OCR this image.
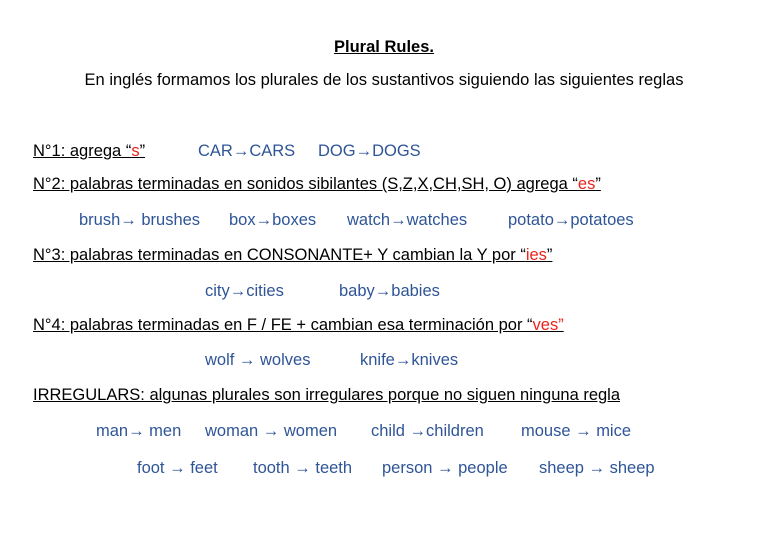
Plural Rules.
En inglés formamos los plurales de los sustantivos siguiendo las siguientes reglas
N°1: agrega “s”	CAR→CARS DOG→DOGS
N°2: palabras terminadas en sonidos sibilantes (S,Z,X,CH,SH, O) agrega “es”
brush→ brushes box→boxes watch→watches potato→potatoes
N°3: palabras terminadas en CONSONANTE+ Y cambian la Y por “ies”
city→cities	baby→babies
N°4: palabras terminadas en F / FE + cambian esa terminación por “ves”
wolf → wolves	knife→knives
IRREGULARS: algunas plurales son irregulares porque no siguen ninguna regla
man→ men woman → women child →children mouse → mice
foot → feet tooth → teeth person → people sheep → sheep
